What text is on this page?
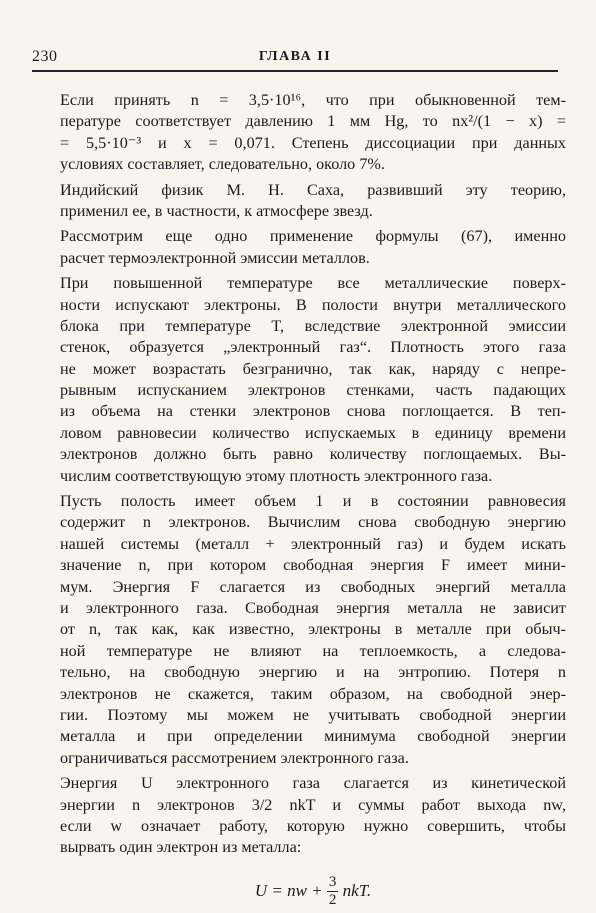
230	ГЛАВА II

Если принять n = 3,5·10¹⁶, что при обыкновенной тем-
пературе соответствует давлению 1 мм Hg, то nx²/(1 − x) =
= 5,5·10⁻³ и x = 0,071. Степень диссоциации при данных
условиях составляет, следовательно, около 7%.

Индийский физик М. Н. Саха, развивший эту теорию,
применил ее, в частности, к атмосфере звезд.

Рассмотрим еще одно применение формулы (67), именно
расчет термоэлектронной эмиссии металлов.

При повышенной температуре все металлические поверх-
ности испускают электроны. В полости внутри металлического
блока при температуре T, вследствие электронной эмиссии
стенок, образуется „электронный газ“. Плотность этого газа
не может возрастать безгранично, так как, наряду с непре-
рывным испусканием электронов стенками, часть падающих
из объема на стенки электронов снова поглощается. В теп-
ловом равновесии количество испускаемых в единицу времени
электронов должно быть равно количеству поглощаемых. Вы-
числим соответствующую этому плотность электронного газа.

Пусть полость имеет объем 1 и в состоянии равновесия
содержит n электронов. Вычислим снова свободную энергию
нашей системы (металл + электронный газ) и будем искать
значение n, при котором свободная энергия F имеет мини-
мум. Энергия F слагается из свободных энергий металла
и электронного газа. Свободная энергия металла не зависит
от n, так как, как известно, электроны в металле при обыч-
ной температуре не влияют на теплоемкость, а следова-
тельно, на свободную энергию и на энтропию. Потеря n
электронов не скажется, таким образом, на свободной энер-
гии. Поэтому мы можем не учитывать свободной энергии
металла и при определении минимума свободной энергии
ограничиваться рассмотрением электронного газа.

Энергия U электронного газа слагается из кинетической
энергии n электронов 3/2 nkT и суммы работ выхода nw,
если w означает работу, которую нужно совершить, чтобы
вырвать один электрон из металла:

U = nw + $\frac{3}{2}$ nkT.
